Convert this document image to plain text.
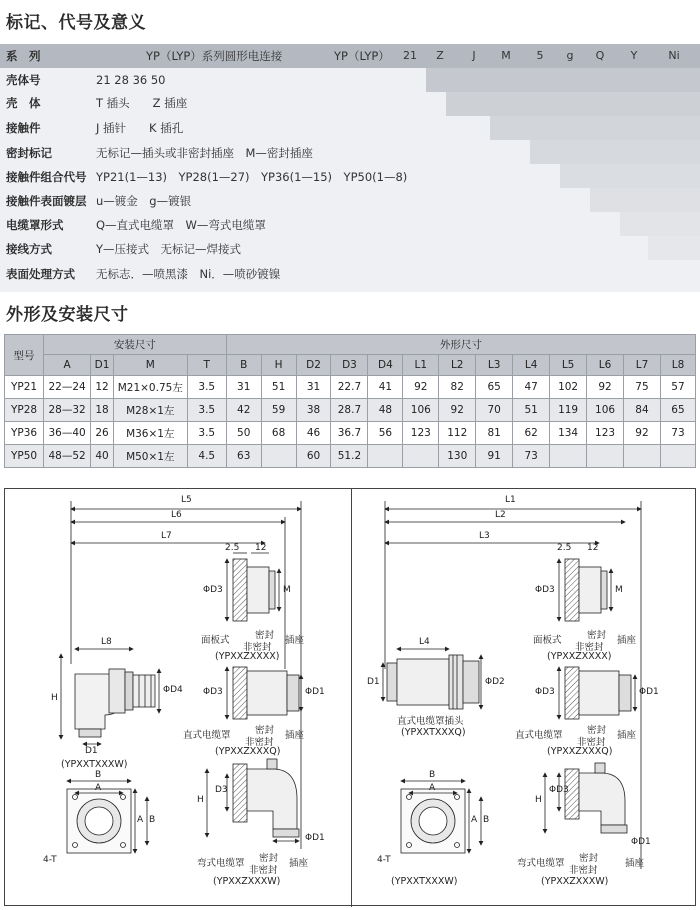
标记、代号及意义
系　列	YP（LYP）系列圆形电连接	YP（LYP）	21	Z	J	M	5	g	Q	Y	Ni
壳体号	21 28 36 50
壳　体	T 插头　　Z 插座
接触件	J 插针　　K 插孔
密封标记	无标记—插头或非密封插座　M—密封插座
接触件组合代号 YP21(1—13)　YP28(1—27)　YP36(1—15)　YP50(1—8)
接触件表面镀层 u—镀金　g—镀银
电缆罩形式	Q—直式电缆罩　W—弯式电缆罩
接线方式	Y—压接式　无标记—焊接式
表面处理方式 无标志．—喷黑漆　Ni．—喷砂镀镍
外形及安装尺寸
型号	安装尺寸				外形尺寸												
	A	D1	M	T	B	H	D2	D3	D4	L1	L2	L3	L4	L5	L6	L7	L8
YP21	22—24	12	M21×0.75左	3.5	31	51	31	22.7	41	92	82	65	47	102	92	75	57
YP28	28—32	18	M28×1左	3.5	42	59	38	28.7	48	106	92	70	51	119	106	84	65
YP36	36—40	26	M36×1左	3.5	50	68	46	36.7	56	123	112	81	62	134	123	92	73
YP50	48—52	40	M50×1左	4.5	63		60	51.2			130	91	73				
L5
L6
L7
L8
H
D1
ΦD4
B
A
B
A
4-T
2.5 12
ΦD3	M
ΦD3	ΦD1
H
D3
ΦD1
(YPXXTXXXW)
面板式	密封
非密封
插座
(YPXXZXXXX)
直式电缆罩	密封
非密封
插座
(YPXXZXXXQ)
弯式电缆罩 密封
非密封
插座
(YPXXZXXXW)
L1
L2
L3
L4
D1	ΦD2
B
A
B
A
4-T
2.5 12
ΦD3	M
ΦD3	ΦD1
H
ΦD3
ΦD1
直式电缆罩插头
(YPXXTXXXQ)
面板式	密封
非密封
插座
(YPXXZXXXX)
直式电缆罩	密封
非密封
插座
(YPXXZXXXQ)
弯式电缆罩 密封
非密封
插座
(YPXXZXXXW)
(YPXXTXXXW)
